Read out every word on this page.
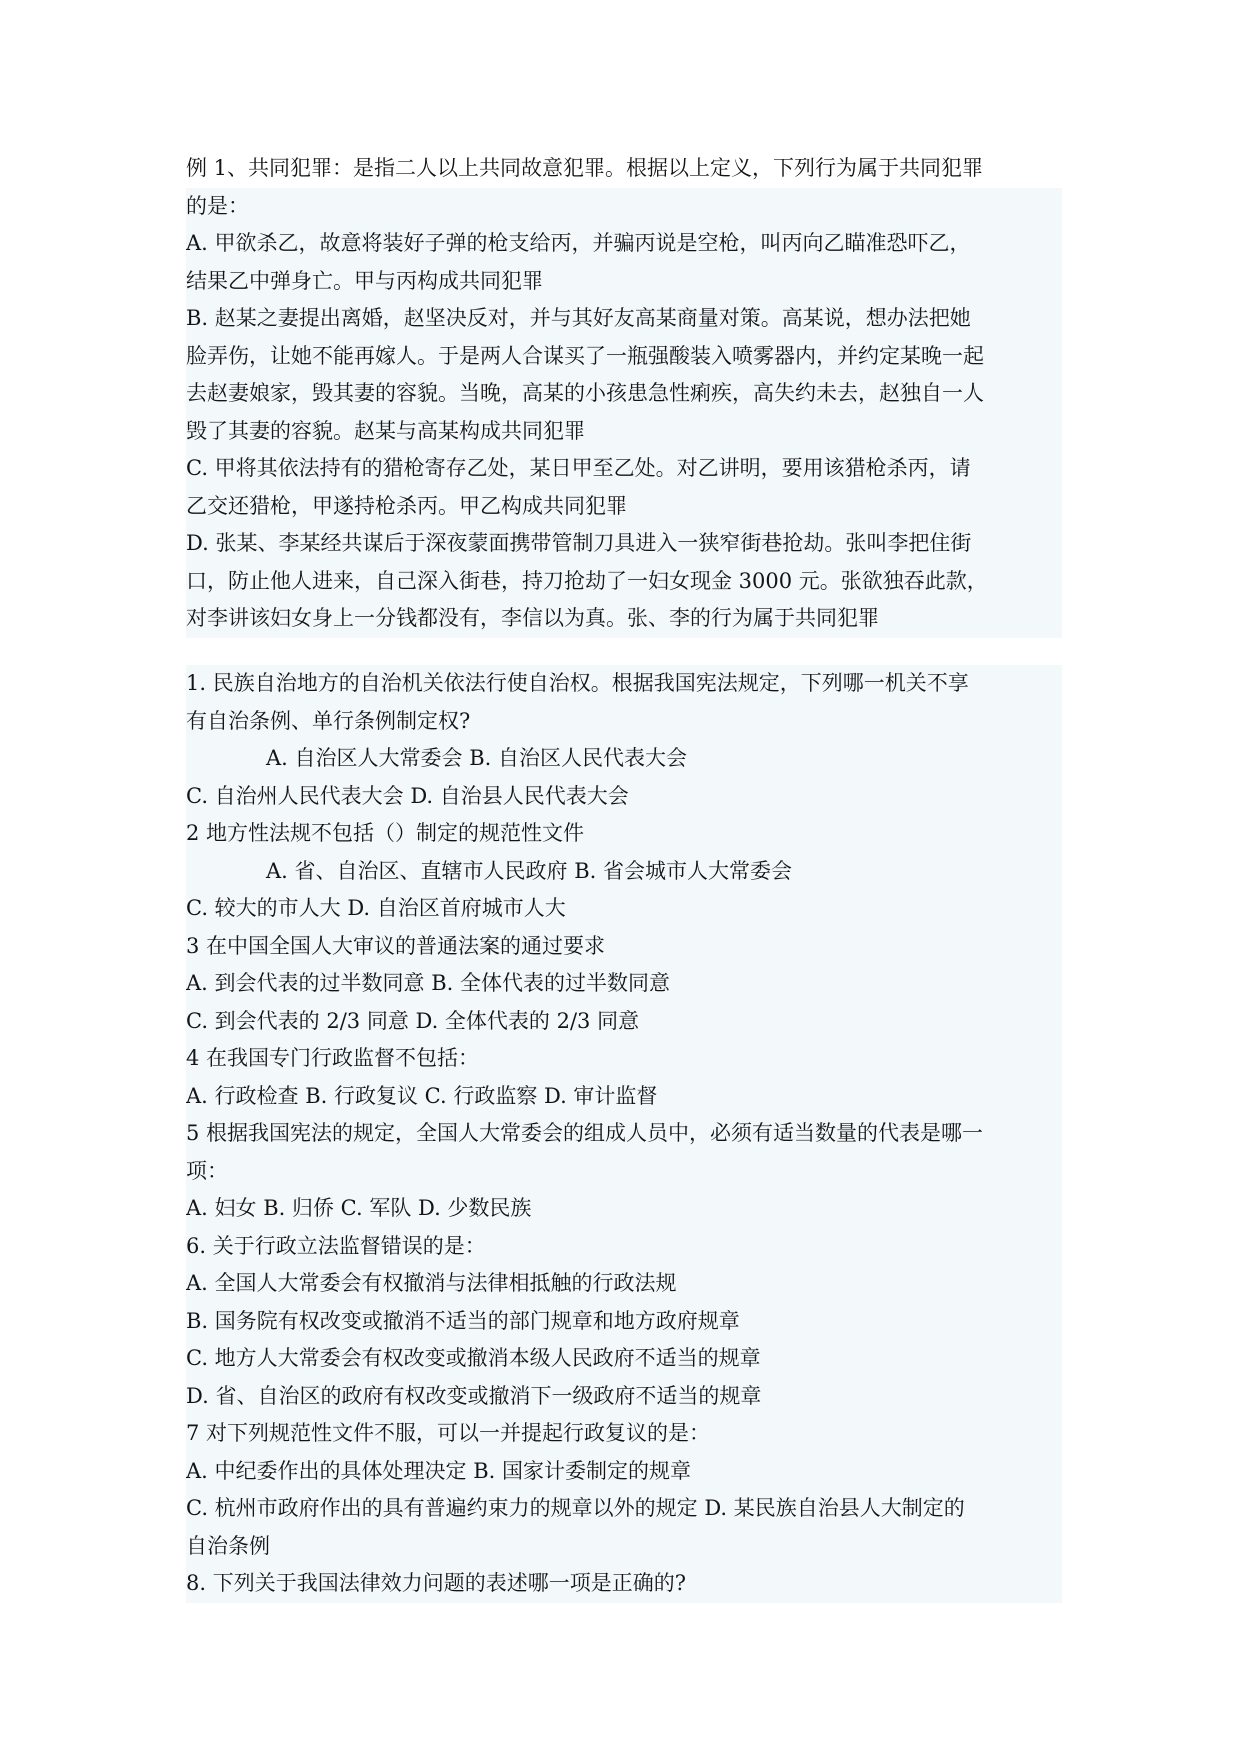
例 1、共同犯罪：是指二人以上共同故意犯罪。根据以上定义，下列行为属于共同犯罪
的是：
A. 甲欲杀乙，故意将装好子弹的枪支给丙，并骗丙说是空枪，叫丙向乙瞄准恐吓乙，
结果乙中弹身亡。甲与丙构成共同犯罪
B. 赵某之妻提出离婚，赵坚决反对，并与其好友高某商量对策。高某说，想办法把她
脸弄伤，让她不能再嫁人。于是两人合谋买了一瓶强酸装入喷雾器内，并约定某晚一起
去赵妻娘家，毁其妻的容貌。当晚，高某的小孩患急性痢疾，高失约未去，赵独自一人
毁了其妻的容貌。赵某与高某构成共同犯罪
C. 甲将其依法持有的猎枪寄存乙处，某日甲至乙处。对乙讲明，要用该猎枪杀丙，请
乙交还猎枪，甲遂持枪杀丙。甲乙构成共同犯罪
D. 张某、李某经共谋后于深夜蒙面携带管制刀具进入一狭窄街巷抢劫。张叫李把住街
口，防止他人进来，自己深入街巷，持刀抢劫了一妇女现金 3000 元。张欲独吞此款，
对李讲该妇女身上一分钱都没有，李信以为真。张、李的行为属于共同犯罪
1. 民族自治地方的自治机关依法行使自治权。根据我国宪法规定，下列哪一机关不享
有自治条例、单行条例制定权?
A. 自治区人大常委会 B. 自治区人民代表大会
C. 自治州人民代表大会 D. 自治县人民代表大会
2 地方性法规不包括（）制定的规范性文件
A. 省、自治区、直辖市人民政府 B. 省会城市人大常委会
C. 较大的市人大 D. 自治区首府城市人大
3 在中国全国人大审议的普通法案的通过要求
A. 到会代表的过半数同意 B. 全体代表的过半数同意
C. 到会代表的 2/3 同意 D. 全体代表的 2/3 同意
4 在我国专门行政监督不包括：
A. 行政检查 B. 行政复议 C. 行政监察 D. 审计监督
5 根据我国宪法的规定，全国人大常委会的组成人员中，必须有适当数量的代表是哪一
项：
A. 妇女 B. 归侨 C. 军队 D. 少数民族
6. 关于行政立法监督错误的是：
A. 全国人大常委会有权撤消与法律相抵触的行政法规
B. 国务院有权改变或撤消不适当的部门规章和地方政府规章
C. 地方人大常委会有权改变或撤消本级人民政府不适当的规章
D. 省、自治区的政府有权改变或撤消下一级政府不适当的规章
7 对下列规范性文件不服，可以一并提起行政复议的是：
A. 中纪委作出的具体处理决定 B. 国家计委制定的规章
C. 杭州市政府作出的具有普遍约束力的规章以外的规定 D. 某民族自治县人大制定的
自治条例
8. 下列关于我国法律效力问题的表述哪一项是正确的?
